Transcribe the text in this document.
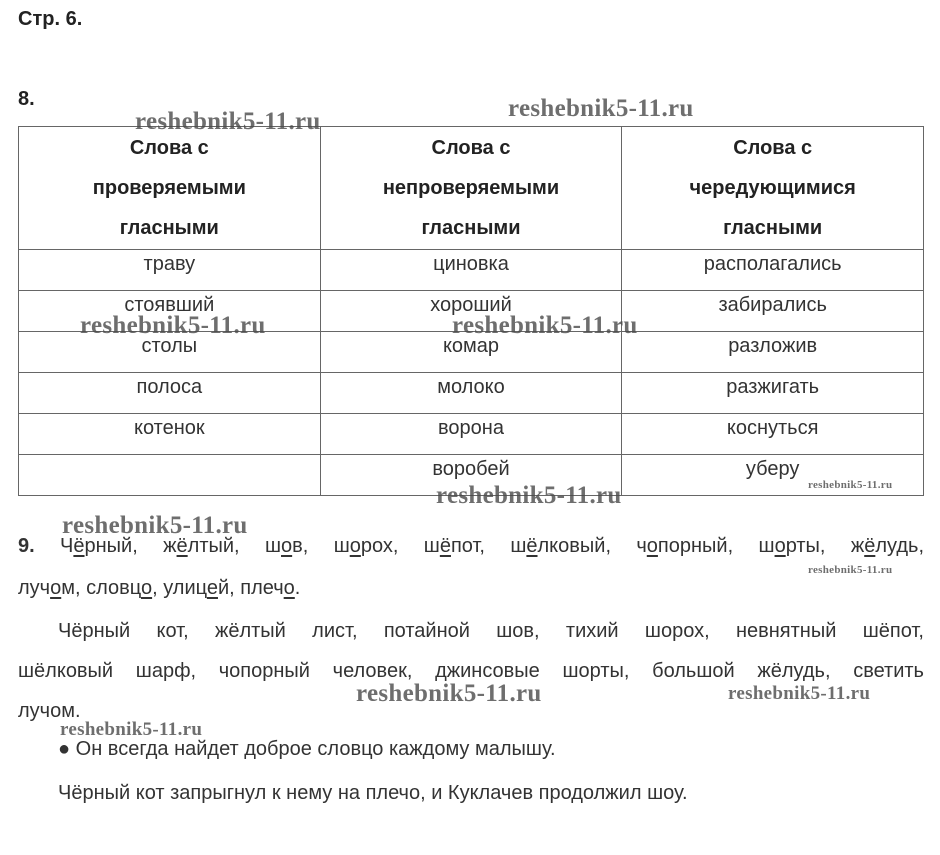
Стр. 6.
8.
Слова с
проверяемыми
гласными	Слова с
непроверяемыми
гласными	Слова с
чередующимися
гласными

траву	циновка	располагались
стоявший	хороший	забирались
столы	комар	разложив
полоса	молоко	разжигать
котенок	ворона	коснуться
	воробей	уберу
9. Чёрный, жёлтый, шов, шорох, шёпот, шёлковый, чопорный, шорты, жёлудь,
лучом, словцо, улицей, плечо.
Чёрный кот, жёлтый лист, потайной шов, тихий шорох, невнятный шёпот,
шёлковый шарф, чопорный человек, джинсовые шорты, большой жёлудь, светить
лучом.
● Он всегда найдет доброе словцо каждому малышу.
Чёрный кот запрыгнул к нему на плечо, и Куклачев продолжил шоу.
reshebnik5-11.ru	reshebnik5-11.ru
reshebnik5-11.ru	reshebnik5-11.ru
reshebnik5-11.ru	reshebnik5-11.ru
reshebnik5-11.ru
reshebnik5-11.ru
reshebnik5-11.ru	reshebnik5-11.ru
reshebnik5-11.ru
